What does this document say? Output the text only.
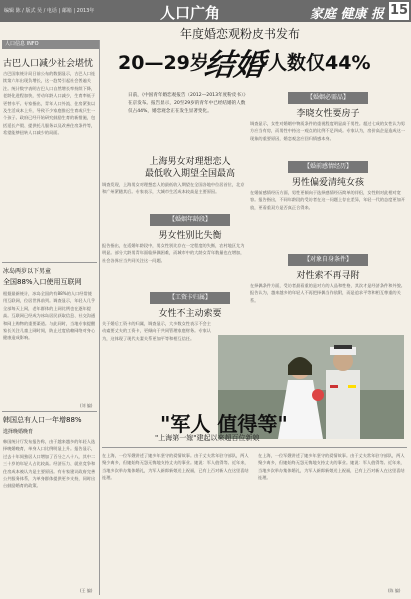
编辑 陈 / 版式 吴 / 电话 | 邮箱 | 2013年	人口广角	家庭 健康 报 15
人口信息 INFO
古巴人口减少社会堪忧
古巴国家统计局日前公布的数据显示，古巴人口连续第六年出现负增长，这一趋势引起社会普遍关注。统计数字表明古巴人口自然增长率持续下降，老龄化进程加快，劳动年龄人口减少，生育率低于更替水平。专家指出，青年人口外流、住房紧张以及生活成本上升，导致不少家庭推迟生育或只生一个孩子。政府已经开始研究鼓励生育的新措施，包括延长产假、提供托儿服务以及改善住房条件等，希望能够扭转人口减少的局面。
冰岛两岁以下男童
全国88%入口使用互联网
根据最新统计，冰岛全国约有88%的人口经常使用互联网，位居世界前列。调查显示，年轻人几乎全部每天上网，老年群体的上网比例也在逐年提高。互联网已经成为冰岛居民获取信息、社交沟通和网上购物的重要渠道。与此同时，当地专家提醒家长关注儿童上网时间，防止过度依赖网络对身心健康造成影响。
(刘 编)
韩国总有人口一年增88%
选择晚婚晚育
韩国统计厅发布报告称，由于越来越多的年轻人选择晚婚晚育，单身人口比例明显上升。报告显示，过去十年间独居人口增加了百分之八十八，其中二三十岁的年轻人占比较高。经济压力、就业竞争和住房成本被认为是主要原因。有专家建议政府完善公共服务体系，为单身群体提供更多支持，同时出台鼓励婚育的政策。
(王 编)
年度婚恋观粉皮书发布
20—29岁
结婚 人数仅44%
日前，《中国青年婚恋观报告（2012—2013年度粉皮书）》在京发布。报告显示，20至29岁的青年中已经结婚的人数仅占44%，婚恋观念正在发生显著变化。
【婚姻必需品】
李晓女性要房子
调查显示，女性对婚姻中物质条件的重视程度明显高于男性。超过七成的女性认为男方应当有房，而男性中持这一观点的比例不足四成。专家认为，房价高企是造成这一现象的重要原因，婚恋观念应回归情感本身。
上海男女对理想恋人
最低收入期望全国最高
调查发现，上海男女对理想恋人的最低收入期望在全国各地中位居首位，北京和广州紧随其后。专家表示，大城市生活成本较高是主要原因。
【婚前感情经历】
男性偏爱清纯女孩
在婚前感情经历方面，男性更倾向于选择感情经历简单的伴侣，女性则对此相对宽容。报告指出，不同年龄段的受访者在这一问题上存在差异，年轻一代的态度更加开放，更看重双方是否真正合得来。
【婚姻年龄段】
男女性别比失衡
报告指出，在适婚年龄段中，男女性别比存在一定程度的失衡，农村地区尤为明显。部分大龄男青年面临择偶困难，而城市中的大龄女青年数量也在增加，社会各界应当共同关注这一问题。	【对象自身条件】
对性索不再寻附
在择偶条件方面，受访者最看重的是对方的人品和性格，其次才是经济条件和外貌。报告认为，越来越多的年轻人不再把择偶当作依附，而是追求平等和相互尊重的关系。
【工资卡归属】
女性不主动索要
关于婚后工资卡的归属，调查显示，大多数女性表示不会主动索要丈夫的工资卡，更倾向于共同管理家庭财务。专家认为，这体现了现代夫妻关系更加平等和相互信任。
"军人 值得等"
"上海第一嫁"建起以来超百位新娘
在上海，一位军嫂讲述了她多年坚守的爱情故事。由于丈夫常年驻守部队，两人聚少离多，但她始终无怨无悔地支持丈夫的事业。她说：军人值得等。近年来，当地多次举办集体婚礼，为军人新郎新娘送上祝福，已有上百对新人在这里喜结连理。
在上海，一位军嫂讲述了她多年坚守的爱情故事。由于丈夫常年驻守部队，两人聚少离多，但她始终无怨无悔地支持丈夫的事业。她说：军人值得等。近年来，当地多次举办集体婚礼，为军人新郎新娘送上祝福，已有上百对新人在这里喜结连理。
(陈 编)
